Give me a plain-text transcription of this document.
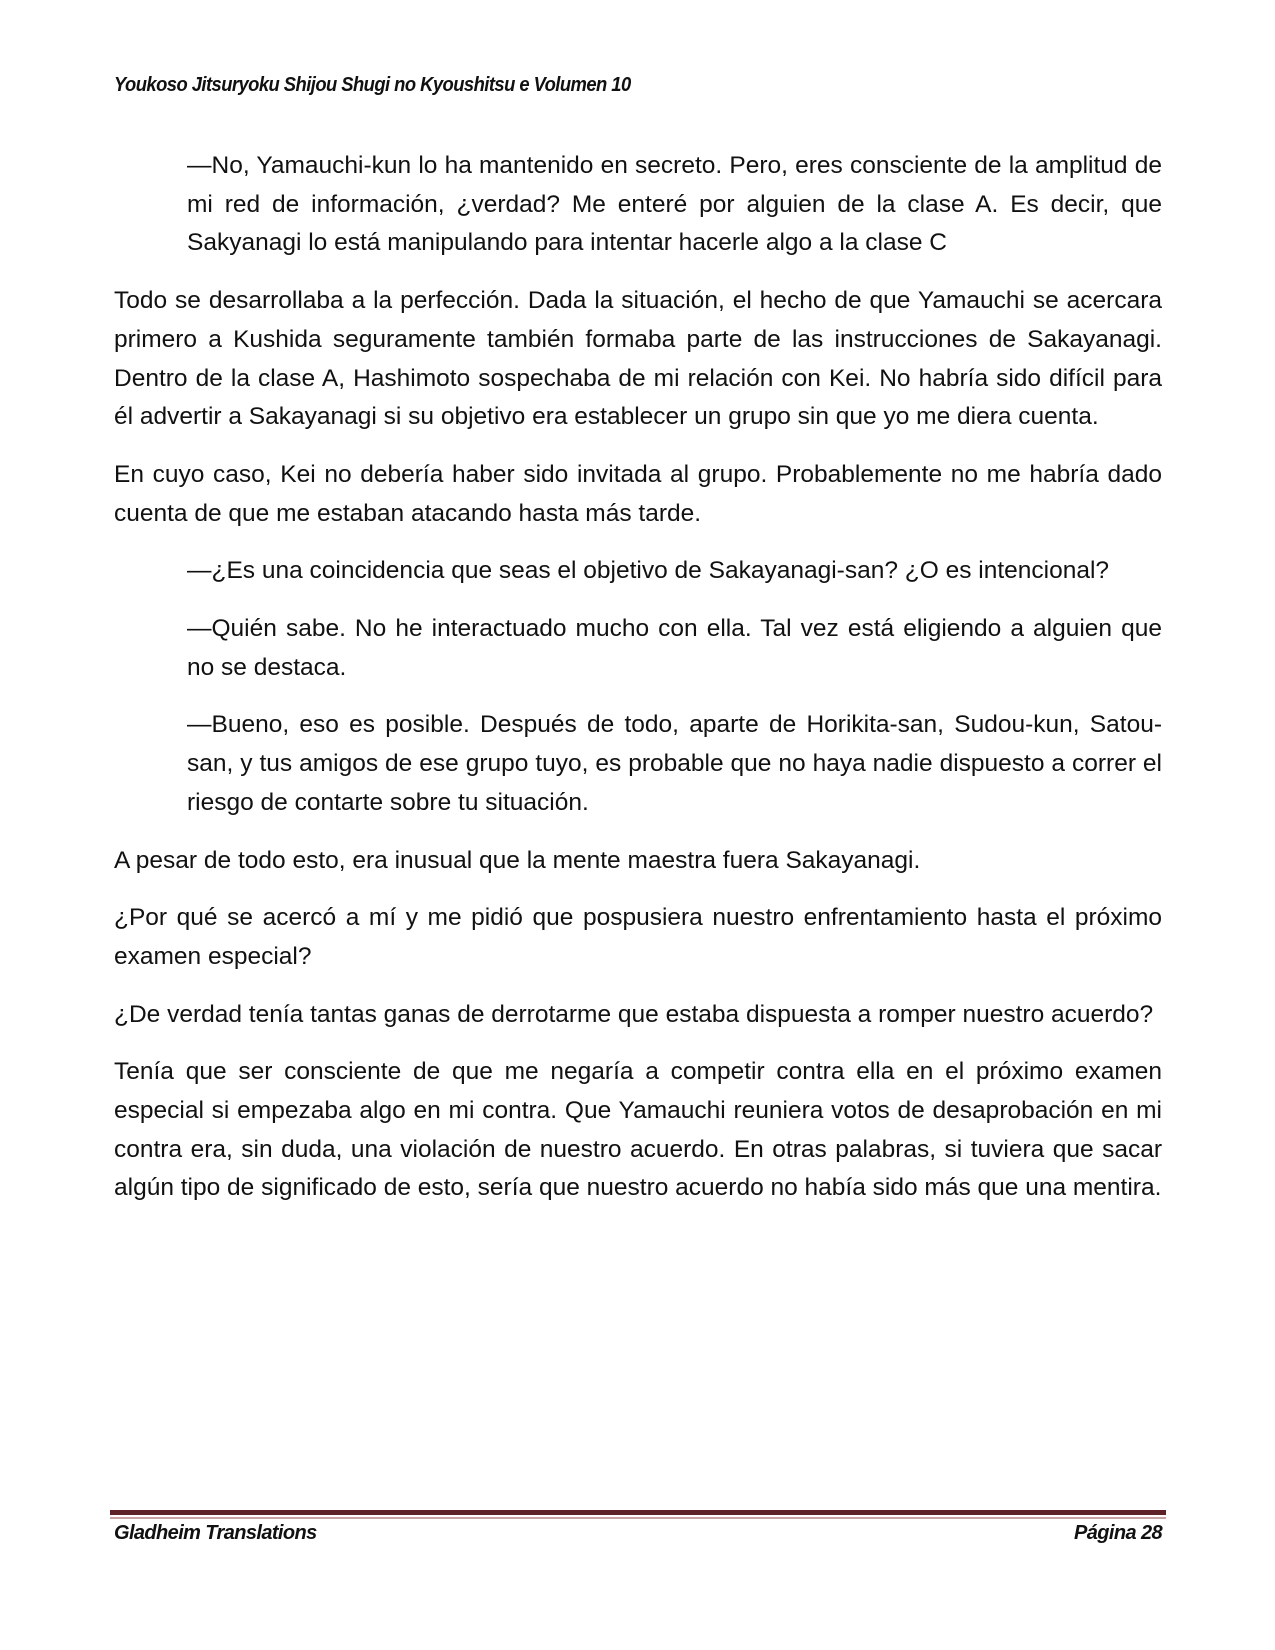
Youkoso Jitsuryoku Shijou Shugi no Kyoushitsu e Volumen 10

—No, Yamauchi-kun lo ha mantenido en secreto. Pero, eres consciente de la amplitud de mi red de información, ¿verdad? Me enteré por alguien de la clase A. Es decir, que Sakyanagi lo está manipulando para intentar hacerle algo a la clase C

Todo se desarrollaba a la perfección. Dada la situación, el hecho de que Yamauchi se acercara primero a Kushida seguramente también formaba parte de las instrucciones de Sakayanagi. Dentro de la clase A, Hashimoto sospechaba de mi relación con Kei. No habría sido difícil para él advertir a Sakayanagi si su objetivo era establecer un grupo sin que yo me diera cuenta.

En cuyo caso, Kei no debería haber sido invitada al grupo. Probablemente no me habría dado cuenta de que me estaban atacando hasta más tarde.

—¿Es una coincidencia que seas el objetivo de Sakayanagi-san? ¿O es intencional?

—Quién sabe. No he interactuado mucho con ella. Tal vez está eligiendo a alguien que no se destaca.

—Bueno, eso es posible. Después de todo, aparte de Horikita-san, Sudou-kun, Satou-san, y tus amigos de ese grupo tuyo, es probable que no haya nadie dispuesto a correr el riesgo de contarte sobre tu situación.

A pesar de todo esto, era inusual que la mente maestra fuera Sakayanagi.

¿Por qué se acercó a mí y me pidió que pospusiera nuestro enfrentamiento hasta el próximo examen especial?

¿De verdad tenía tantas ganas de derrotarme que estaba dispuesta a romper nuestro acuerdo?

Tenía que ser consciente de que me negaría a competir contra ella en el próximo examen especial si empezaba algo en mi contra. Que Yamauchi reuniera votos de desaprobación en mi contra era, sin duda, una violación de nuestro acuerdo. En otras palabras, si tuviera que sacar algún tipo de significado de esto, sería que nuestro acuerdo no había sido más que una mentira.

Gladheim Translations	Página 28
